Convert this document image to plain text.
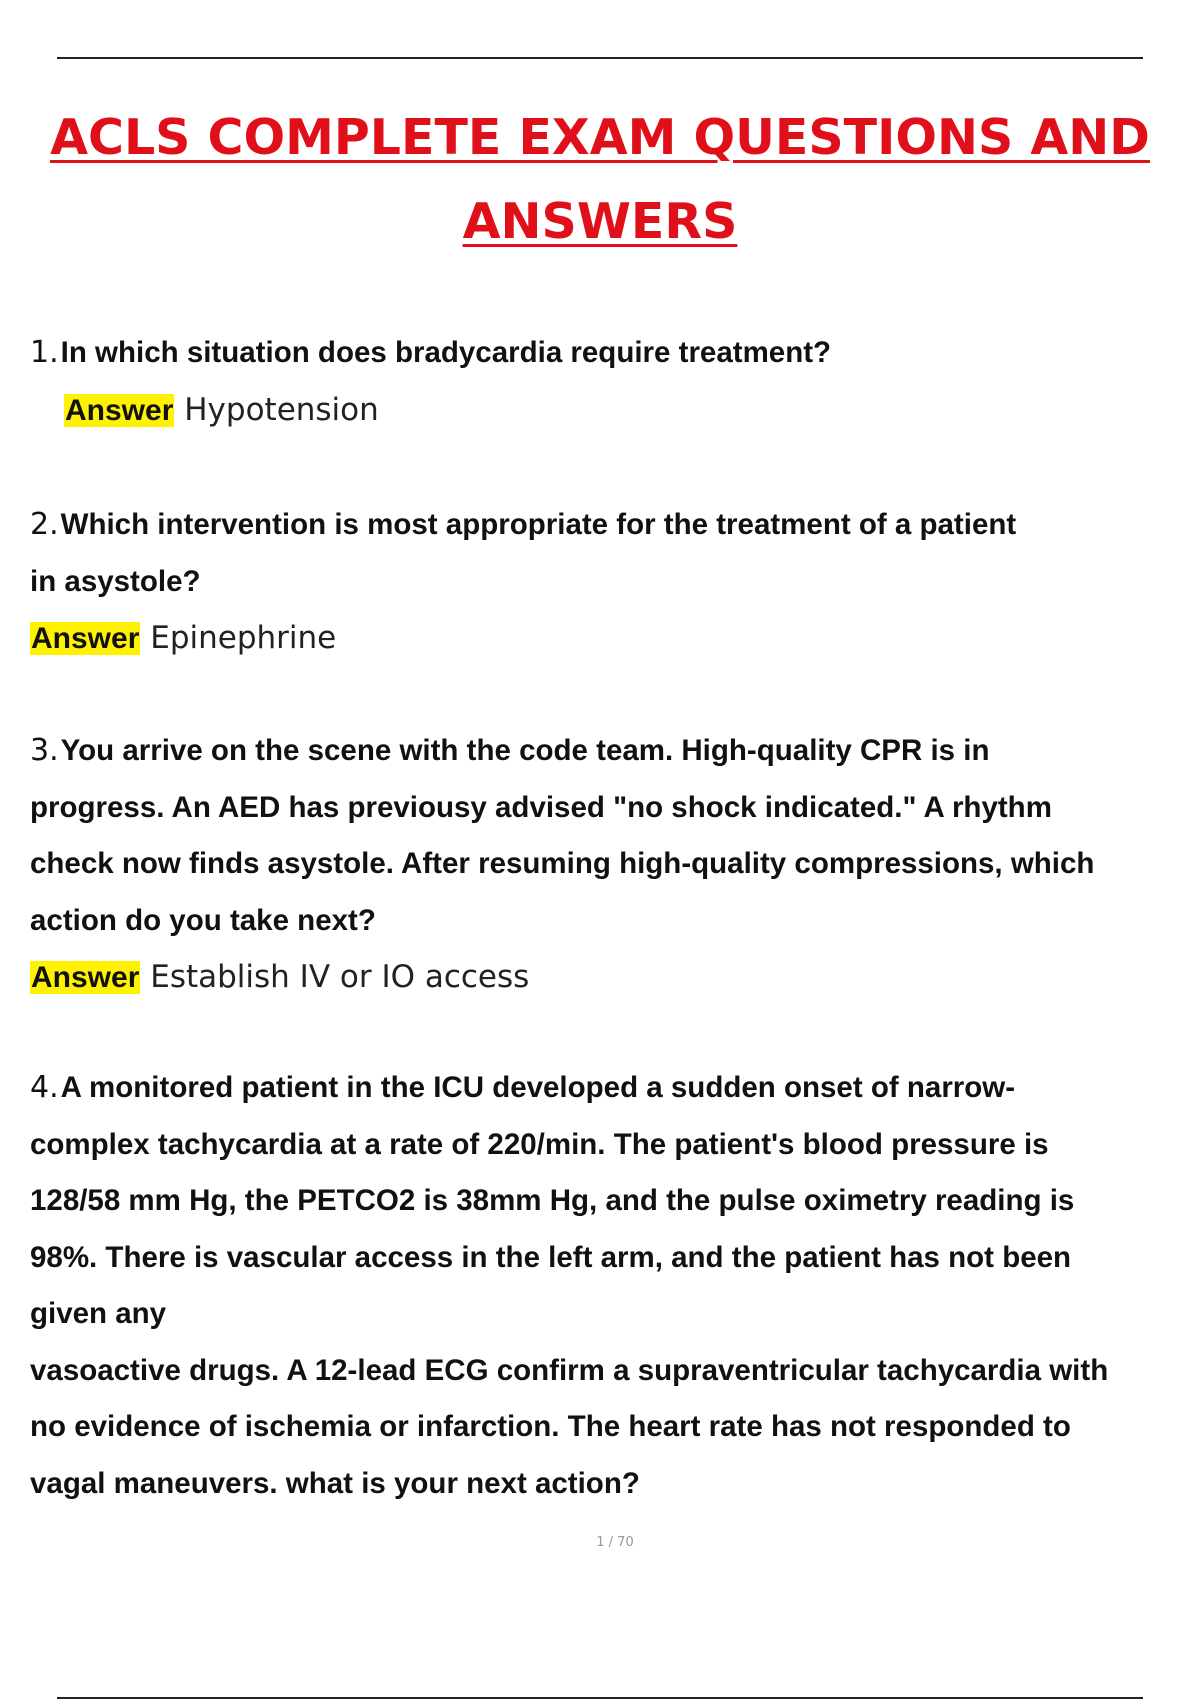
ACLS COMPLETE EXAM QUESTIONS AND
ANSWERS

1.In which situation does bradycardia require treatment?

Answer Hypotension

2.Which intervention is most appropriate for the treatment of a patient
in asystole?

Answer Epinephrine

3.You arrive on the scene with the code team. High-quality CPR is in
progress. An AED has previousy advised "no shock indicated." A rhythm
check now finds asystole. After resuming high-quality compressions, which
action do you take next?

Answer Establish IV or IO access

4.A monitored patient in the ICU developed a sudden onset of narrow-
complex tachycardia at a rate of 220/min. The patient's blood pressure is
128/58 mm Hg, the PETCO2 is 38mm Hg, and the pulse oximetry reading is
98%. There is vascular access in the left arm, and the patient has not been
given any
vasoactive drugs. A 12-lead ECG confirm a supraventricular tachycardia with
no evidence of ischemia or infarction. The heart rate has not responded to
vagal maneuvers. what is your next action?

1 / 70
